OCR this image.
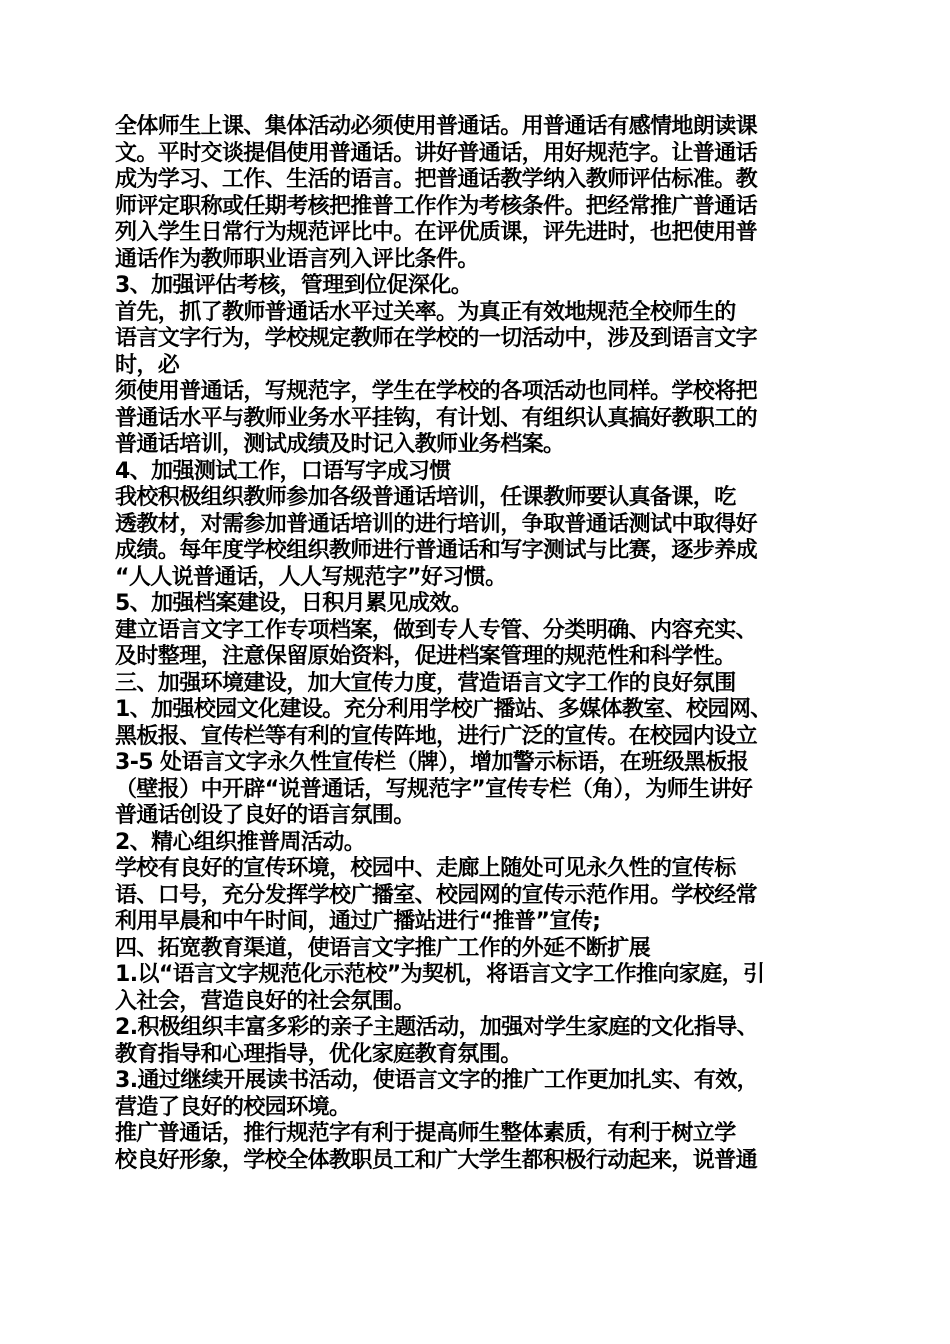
全体师生上课、集体活动必须使用普通话。用普通话有感情地朗读课
文。平时交谈提倡使用普通话。讲好普通话，用好规范字。让普通话
成为学习、工作、生活的语言。把普通话教学纳入教师评估标准。教
师评定职称或任期考核把推普工作作为考核条件。把经常推广普通话
列入学生日常行为规范评比中。在评优质课，评先进时，也把使用普
通话作为教师职业语言列入评比条件。
3、加强评估考核，管理到位促深化。
首先，抓了教师普通话水平过关率。为真正有效地规范全校师生的
语言文字行为，学校规定教师在学校的一切活动中，涉及到语言文字
时，必
须使用普通话，写规范字，学生在学校的各项活动也同样。学校将把
普通话水平与教师业务水平挂钩，有计划、有组织认真搞好教职工的
普通话培训，测试成绩及时记入教师业务档案。
4、加强测试工作，口语写字成习惯
我校积极组织教师参加各级普通话培训，任课教师要认真备课，吃
透教材，对需参加普通话培训的进行培训，争取普通话测试中取得好
成绩。每年度学校组织教师进行普通话和写字测试与比赛，逐步养成
“人人说普通话，人人写规范字”好习惯。
5、加强档案建设，日积月累见成效。
建立语言文字工作专项档案，做到专人专管、分类明确、内容充实、
及时整理，注意保留原始资料，促进档案管理的规范性和科学性。
三、加强环境建设，加大宣传力度，营造语言文字工作的良好氛围
1、加强校园文化建设。充分利用学校广播站、多媒体教室、校园网、
黑板报、宣传栏等有利的宣传阵地，进行广泛的宣传。在校园内设立
3-5 处语言文字永久性宣传栏（牌），增加警示标语，在班级黑板报
（壁报）中开辟“说普通话，写规范字”宣传专栏（角），为师生讲好
普通话创设了良好的语言氛围。
2、精心组织推普周活动。
学校有良好的宣传环境，校园中、走廊上随处可见永久性的宣传标
语、口号，充分发挥学校广播室、校园网的宣传示范作用。学校经常
利用早晨和中午时间，通过广播站进行“推普”宣传;
四、拓宽教育渠道，使语言文字推广工作的外延不断扩展
1.以“语言文字规范化示范校”为契机，将语言文字工作推向家庭，引
入社会，营造良好的社会氛围。
2.积极组织丰富多彩的亲子主题活动，加强对学生家庭的文化指导、
教育指导和心理指导，优化家庭教育氛围。
3.通过继续开展读书活动，使语言文字的推广工作更加扎实、有效，
营造了良好的校园环境。
推广普通话，推行规范字有利于提高师生整体素质，有利于树立学
校良好形象，学校全体教职员工和广大学生都积极行动起来，说普通
